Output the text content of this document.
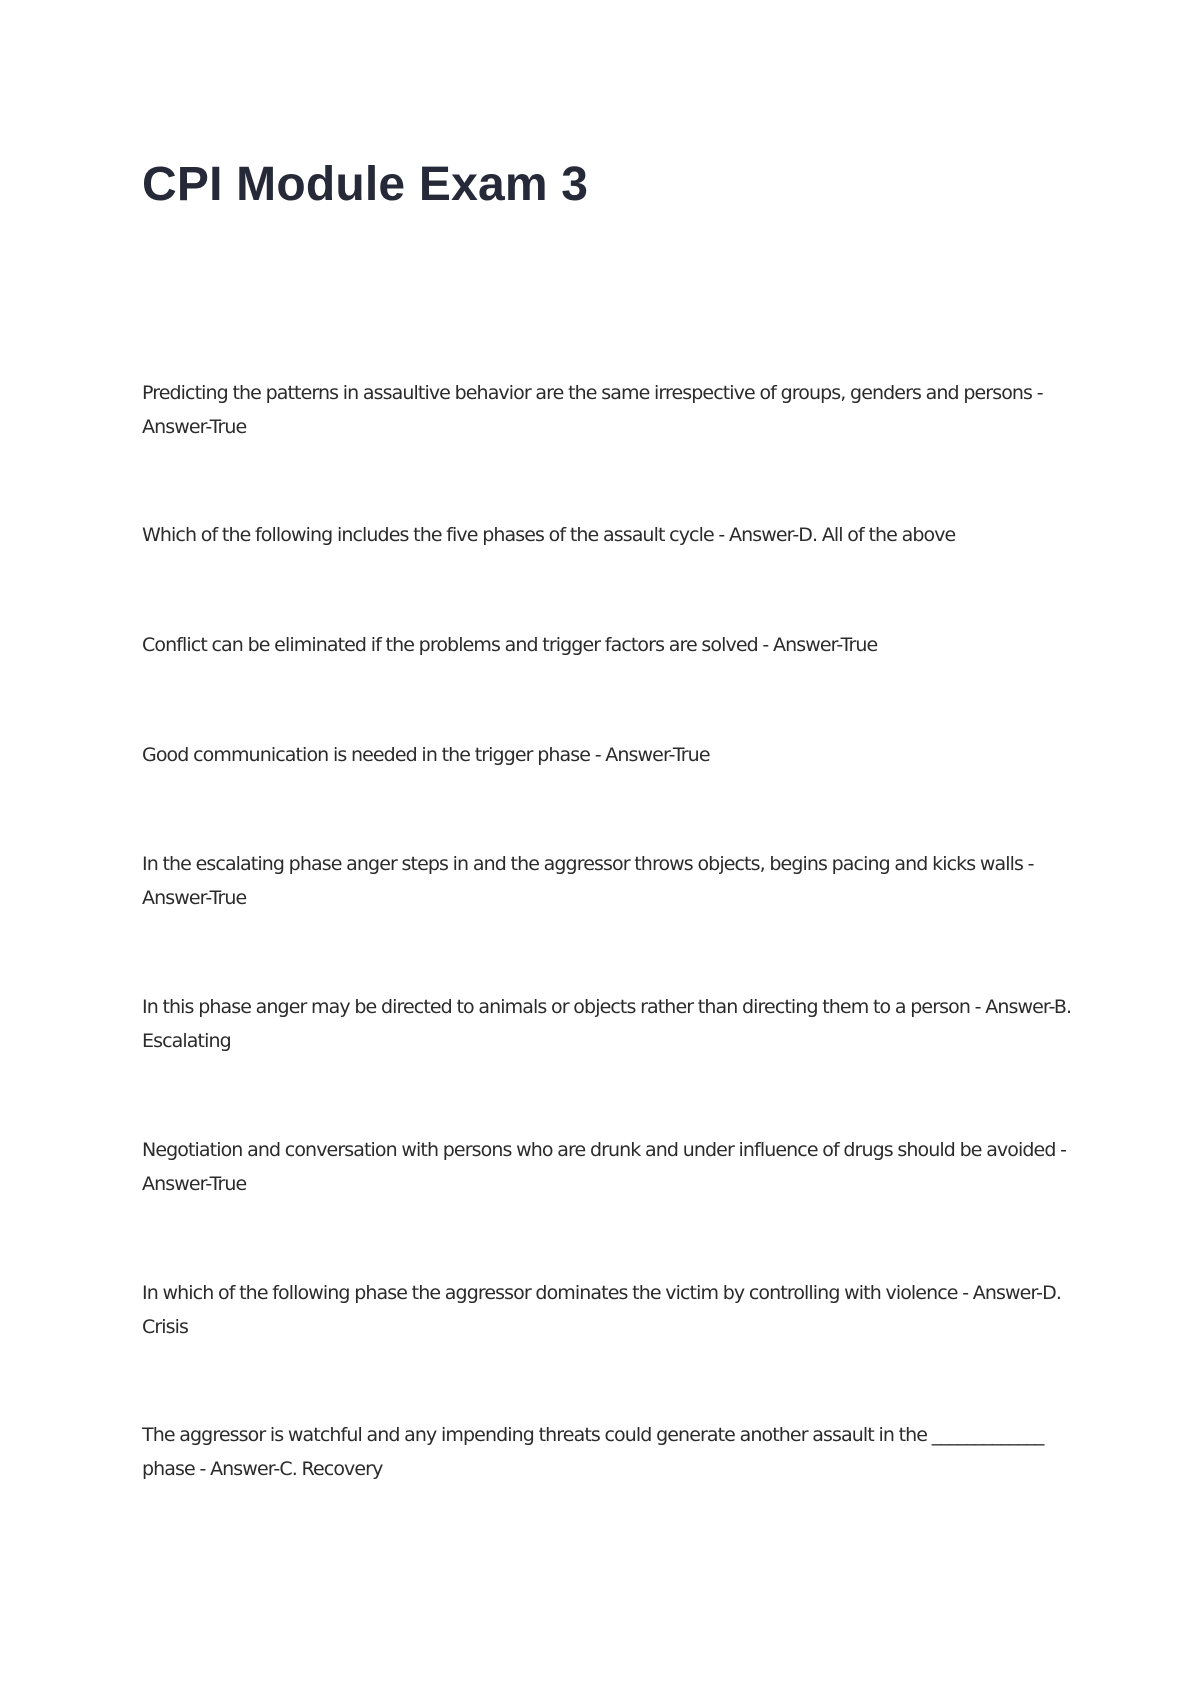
CPI Module Exam 3

Predicting the patterns in assaultive behavior are the same irrespective of groups, genders and persons - Answer-True

Which of the following includes the five phases of the assault cycle - Answer-D. All of the above

Conflict can be eliminated if the problems and trigger factors are solved - Answer-True

Good communication is needed in the trigger phase - Answer-True

In the escalating phase anger steps in and the aggressor throws objects, begins pacing and kicks walls - Answer-True

In this phase anger may be directed to animals or objects rather than directing them to a person - Answer-B. Escalating

Negotiation and conversation with persons who are drunk and under influence of drugs should be avoided - Answer-True

In which of the following phase the aggressor dominates the victim by controlling with violence - Answer-D. Crisis

The aggressor is watchful and any impending threats could generate another assault in the _____________ phase - Answer-C. Recovery
